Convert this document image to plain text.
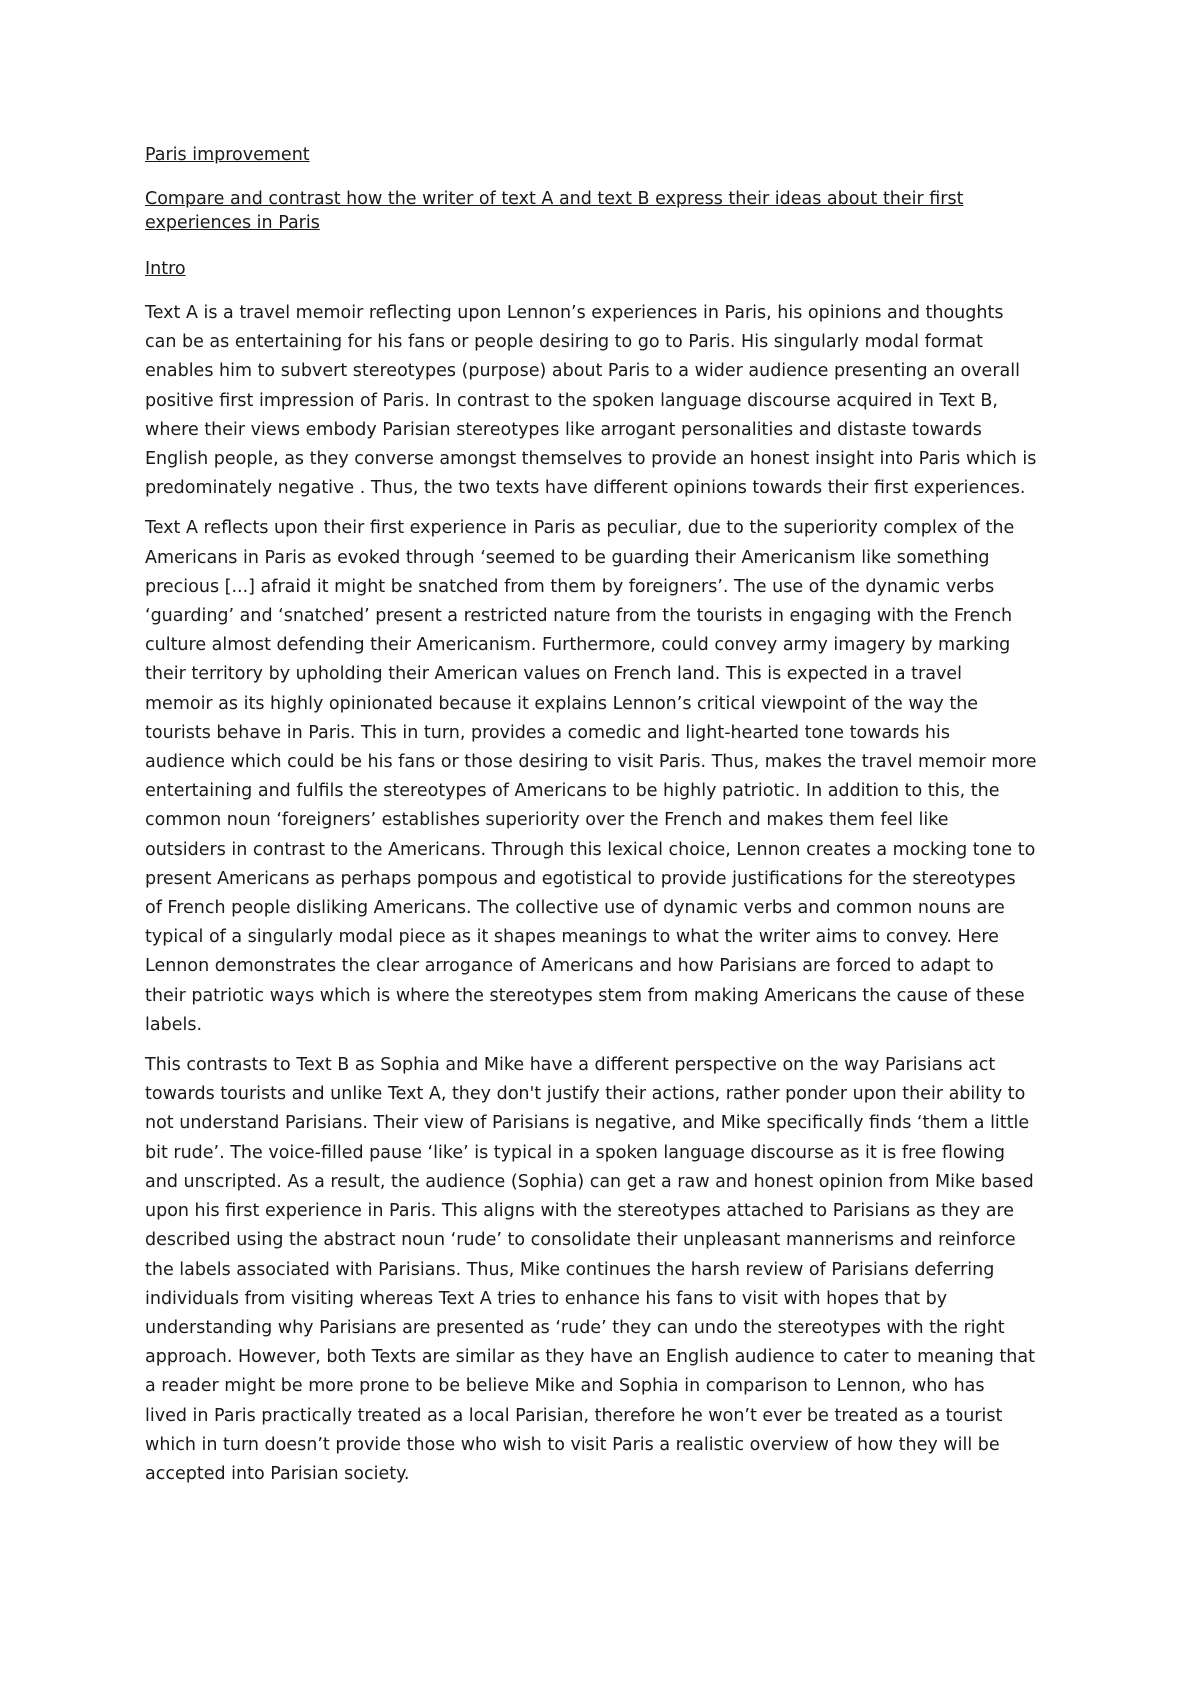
Paris improvement

Compare and contrast how the writer of text A and text B express their ideas about their first

experiences in Paris

Intro

Text A is a travel memoir reflecting upon Lennon’s experiences in Paris, his opinions and thoughts
can be as entertaining for his fans or people desiring to go to Paris. His singularly modal format
enables him to subvert stereotypes (purpose) about Paris to a wider audience presenting an overall
positive first impression of Paris. In contrast to the spoken language discourse acquired in Text B,
where their views embody Parisian stereotypes like arrogant personalities and distaste towards
English people, as they converse amongst themselves to provide an honest insight into Paris which is
predominately negative . Thus, the two texts have different opinions towards their first experiences.
Text A reflects upon their first experience in Paris as peculiar, due to the superiority complex of the
Americans in Paris as evoked through ‘seemed to be guarding their Americanism like something
precious [...] afraid it might be snatched from them by foreigners’. The use of the dynamic verbs
‘guarding’ and ‘snatched’ present a restricted nature from the tourists in engaging with the French
culture almost defending their Americanism. Furthermore, could convey army imagery by marking
their territory by upholding their American values on French land. This is expected in a travel
memoir as its highly opinionated because it explains Lennon’s critical viewpoint of the way the
tourists behave in Paris. This in turn, provides a comedic and light-hearted tone towards his
audience which could be his fans or those desiring to visit Paris. Thus, makes the travel memoir more
entertaining and fulfils the stereotypes of Americans to be highly patriotic. In addition to this, the
common noun ‘foreigners’ establishes superiority over the French and makes them feel like
outsiders in contrast to the Americans. Through this lexical choice, Lennon creates a mocking tone to
present Americans as perhaps pompous and egotistical to provide justifications for the stereotypes
of French people disliking Americans. The collective use of dynamic verbs and common nouns are
typical of a singularly modal piece as it shapes meanings to what the writer aims to convey. Here
Lennon demonstrates the clear arrogance of Americans and how Parisians are forced to adapt to
their patriotic ways which is where the stereotypes stem from making Americans the cause of these
labels.
This contrasts to Text B as Sophia and Mike have a different perspective on the way Parisians act
towards tourists and unlike Text A, they don't justify their actions, rather ponder upon their ability to
not understand Parisians. Their view of Parisians is negative, and Mike specifically finds ‘them a little
bit rude’. The voice-filled pause ‘like’ is typical in a spoken language discourse as it is free flowing
and unscripted. As a result, the audience (Sophia) can get a raw and honest opinion from Mike based
upon his first experience in Paris. This aligns with the stereotypes attached to Parisians as they are
described using the abstract noun ‘rude’ to consolidate their unpleasant mannerisms and reinforce
the labels associated with Parisians. Thus, Mike continues the harsh review of Parisians deferring
individuals from visiting whereas Text A tries to enhance his fans to visit with hopes that by
understanding why Parisians are presented as ‘rude’ they can undo the stereotypes with the right
approach. However, both Texts are similar as they have an English audience to cater to meaning that
a reader might be more prone to be believe Mike and Sophia in comparison to Lennon, who has
lived in Paris practically treated as a local Parisian, therefore he won’t ever be treated as a tourist
which in turn doesn’t provide those who wish to visit Paris a realistic overview of how they will be
accepted into Parisian society.
